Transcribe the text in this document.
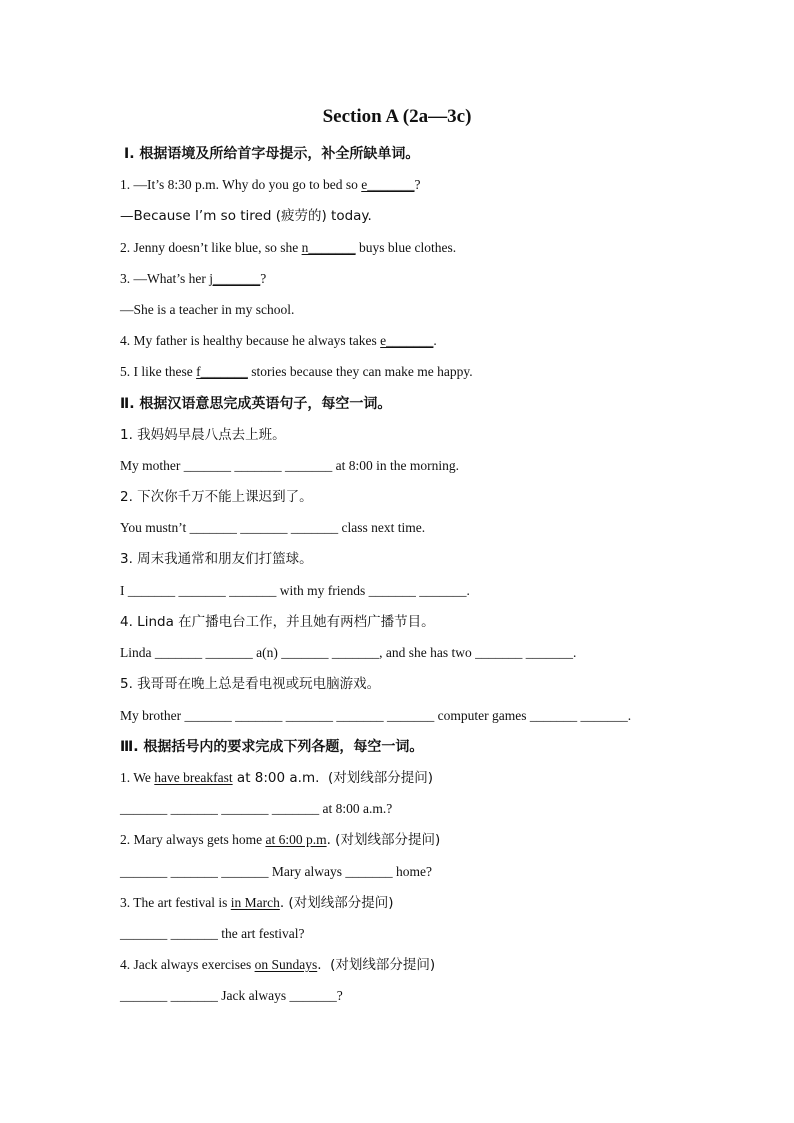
Section A (2a—3c)
Ⅰ. 根据语境及所给首字母提示，补全所缺单词。
1. —It’s 8:30 p.m. Why do you go to bed so e_______?
—Because I’m so tired (疲劳的) today.
2. Jenny doesn’t like blue, so she n_______ buys blue clothes.
3. —What’s her j_______?
—She is a teacher in my school.
4. My father is healthy because he always takes e_______.
5. I like these f_______ stories because they can make me happy.
Ⅱ. 根据汉语意思完成英语句子，每空一词。
1. 我妈妈早晨八点去上班。
My mother _______ _______ _______ at 8:00 in the morning.
2. 下次你千万不能上课迟到了。
You mustn’t _______ _______ _______ class next time.
3. 周末我通常和朋友们打篮球。
I _______ _______ _______ with my friends _______ _______.
4. Linda 在广播电台工作，并且她有两档广播节目。
Linda _______ _______ a(n) _______ _______, and she has two _______ _______.
5. 我哥哥在晚上总是看电视或玩电脑游戏。
My brother _______ _______ _______ _______ _______ computer games _______ _______.
Ⅲ. 根据括号内的要求完成下列各题，每空一词。
1. We have breakfast at 8:00 a.m.  (对划线部分提问)
_______ _______ _______ _______ at 8:00 a.m.?
2. Mary always gets home at 6:00 p.m. (对划线部分提问)
_______ _______ _______ Mary always _______ home?
3. The art festival is in March. (对划线部分提问)
_______ _______ the art festival?
4. Jack always exercises on Sundays.  (对划线部分提问)
_______ _______ Jack always _______?
